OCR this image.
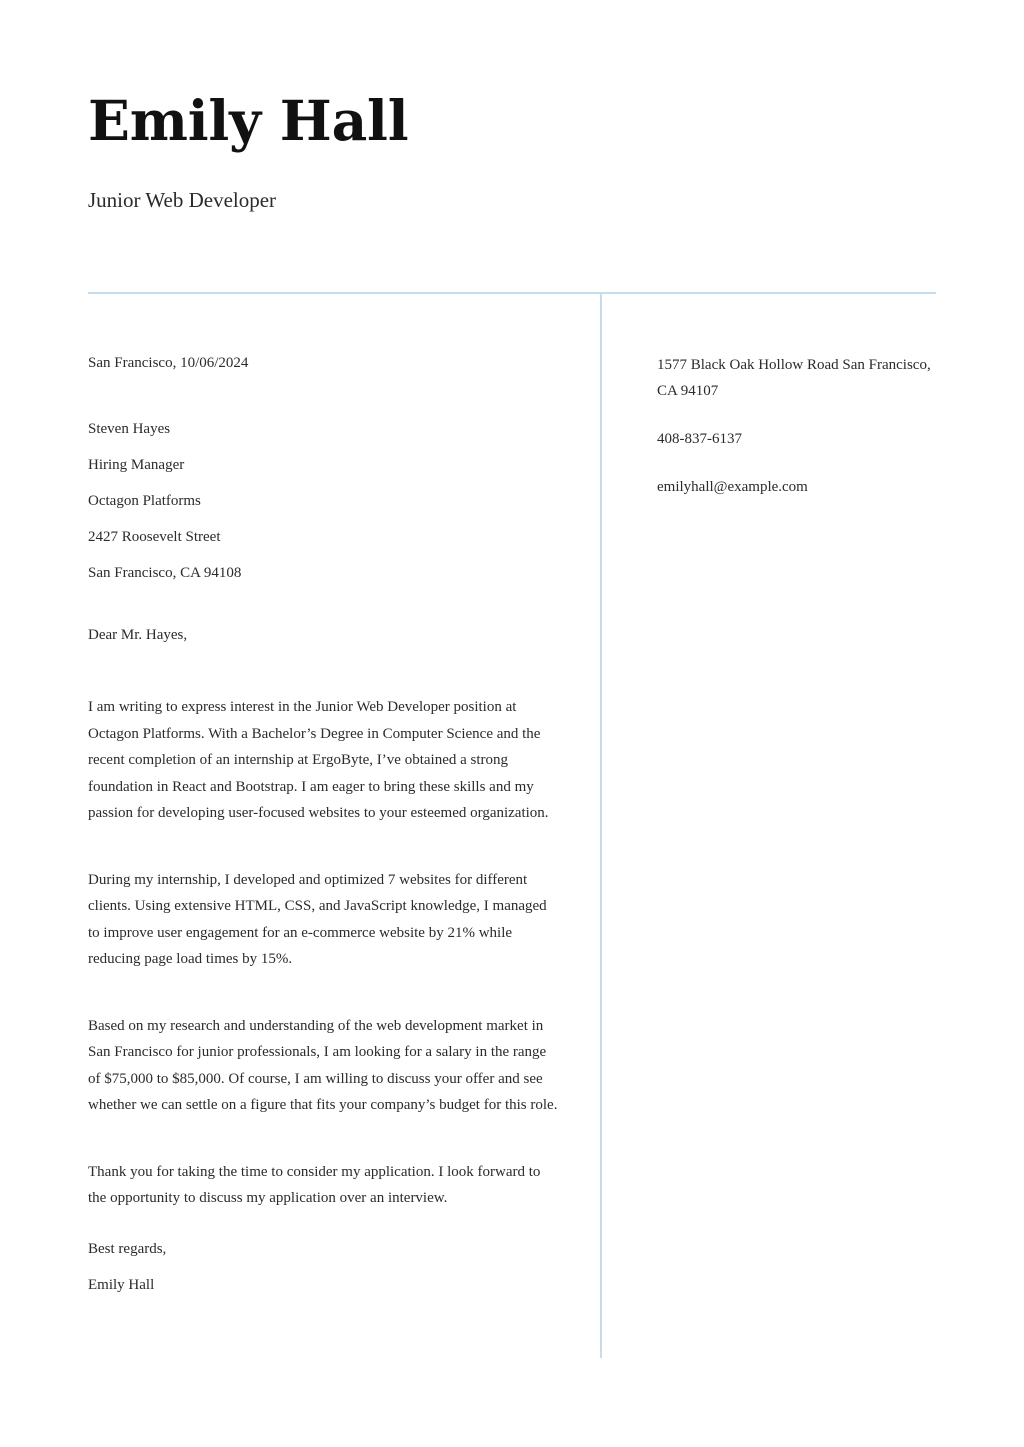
Emily Hall

Junior Web Developer

San Francisco, 10/06/2024

Steven Hayes

Hiring Manager

Octagon Platforms

2427 Roosevelt Street

San Francisco, CA 94108

Dear Mr. Hayes,

I am writing to express interest in the Junior Web Developer position at Octagon Platforms. With a Bachelor’s Degree in Computer Science and the recent completion of an internship at ErgoByte, I’ve obtained a strong foundation in React and Bootstrap. I am eager to bring these skills and my passion for developing user-focused websites to your esteemed organization.

During my internship, I developed and optimized 7 websites for different clients. Using extensive HTML, CSS, and JavaScript knowledge, I managed to improve user engagement for an e-commerce website by 21% while reducing page load times by 15%.

Based on my research and understanding of the web development market in San Francisco for junior professionals, I am looking for a salary in the range of $75,000 to $85,000. Of course, I am willing to discuss your offer and see whether we can settle on a figure that fits your company’s budget for this role.

Thank you for taking the time to consider my application. I look forward to the opportunity to discuss my application over an interview.

Best regards,

Emily Hall

1577 Black Oak Hollow Road San Francisco, CA 94107

408-837-6137

emilyhall@example.com
